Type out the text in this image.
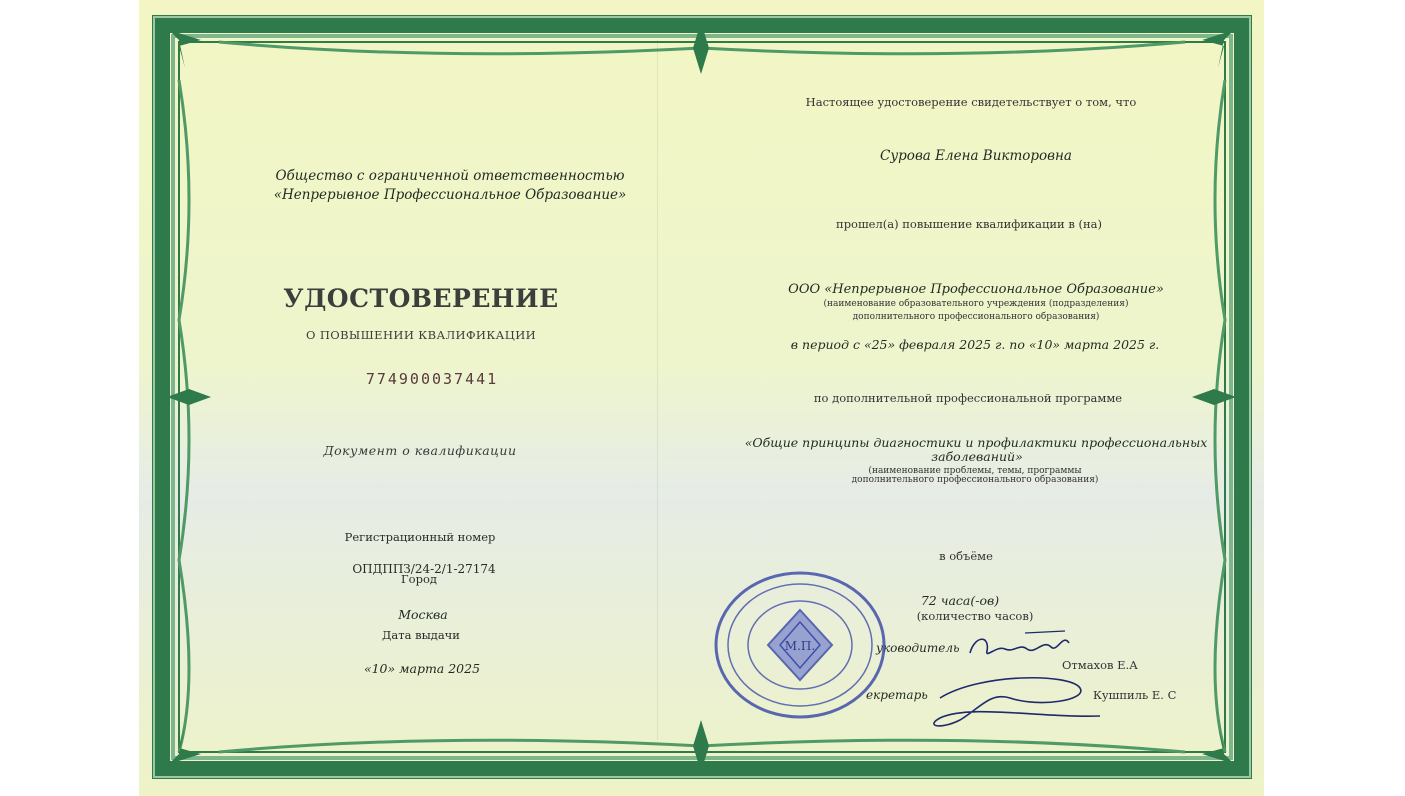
Общество с ограниченной ответственностью
«Непрерывное Профессиональное Образование»
УДОСТОВЕРЕНИЕ
О ПОВЫШЕНИИ КВАЛИФИКАЦИИ
774900037441
Документ о квалификации
Регистрационный номер
ОПДППЗ/24-2/1-27174
Город
Москва
Дата выдачи
«10» марта 2025
Настоящее удостоверение свидетельствует о том, что
Сурова Елена Викторовна
прошел(а) повышение квалификации в (на)
ООО «Непрерывное Профессиональное Образование»
(наименование образовательного учреждения (подразделения)
дополнительного профессионального образования)
в период с «25» февраля 2025 г. по «10» марта 2025 г.
по дополнительной профессиональной программе
«Общие принципы диагностики и профилактики профессиональных
заболеваний»
(наименование проблемы, темы, программы
дополнительного профессионального образования)
в объёме
72 часа(-ов)
(количество часов)
уководитель
Отмахов Е.А
екретарь	Кушпиль Е. С
М.П.
